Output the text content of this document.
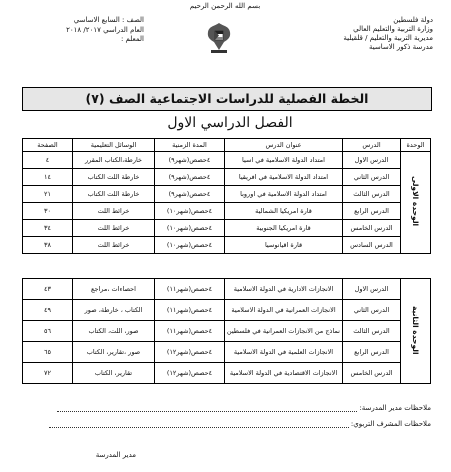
بسم الله الرحمن الرحيم
دولة فلسطين
وزارة التربية والتعليم العالي
مديرية التربية والتعليم / قلقيلية
مدرسة ذكور الاساسية
الصف : السابع الاساسي
العام الدراسي ٢٠١٧/ ٢٠١٨
المعلم :
الخطة الفصلية للدراسات الاجتماعية الصف (٧)
الفصل الدراسي الاول
الوحدة	الدرس	عنوان الدرس	المدة الزمنية	الوسائل التعليمية	الصفحة
الوحدة الاولى	الدرس الاول	امتداد الدولة الاسلامية في اسيا	٤حصص(شهر٩)	خارطة،الكتاب المقرر	٤
	الدرس الثاني	امتداد الدولة الاسلامية في افريقيا	٤حصص(شهر٩)	خارطة اللت الكتاب	١٤
	الدرس الثالث	امتداد الدولة الاسلامية في اوروبا	٤حصص(شهر٩)	خارطة اللت الكتاب	٢١
	الدرس الرابع	قارة امريكيا الشمالية	٤حصص(شهر١٠)	خرائط اللت	٣٠
	الدرس الخامس	قارة امريكيا الجنوبية	٤حصص(شهر١٠)	خرائط اللت	٣٤
	الدرس السادس	قارة اقيانوسيا	٤حصص(شهر١٠)	خرائط اللت	٣٨
الوحدة الثانية	الدرس الاول	الانجازات الادارية في الدولة الاسلامية	٤حصص(شهر١١)	احصاءات ،مراجع	٤٣
	الدرس الثاني	الانجازات العمرانية في الدولة الاسلامية	٤حصص(شهر١١)	الكتاب ، خارطة، صور	٤٩
	الدرس الثالث	نماذج من الانجازات العمرانية في فلسطين	٤حصص(شهر١١)	صور، اللت، الكتاب	٥٦
	الدرس الرابع	الانجازات العلمية في الدولة الاسلامية	٤حصص(شهر١٢)	صور ،تقارير، الكتاب	٦٥
	الدرس الخامس	الانجازات الاقتصادية في الدولة الاسلامية	٤حصص(شهر١٢)	تقارير، الكتاب	٧٢
ملاحظات مدير المدرسة:
ملاحظات المشرف التربوي:
مدير المدرسة
